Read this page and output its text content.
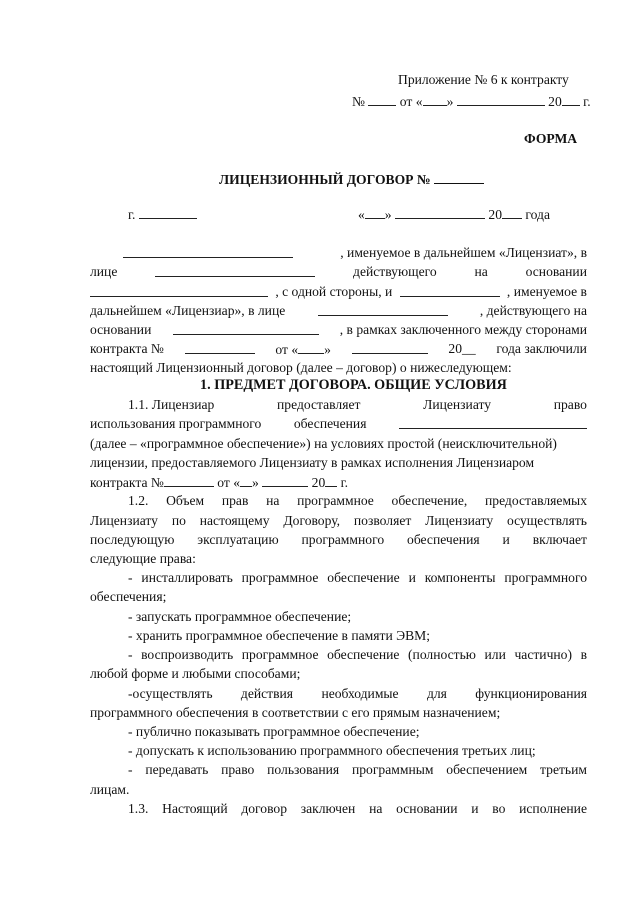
Приложение № 6 к контракту
№	от « »	20 г.
ФОРМА
ЛИЦЕНЗИОННЫЙ ДОГОВОР №
г.	« »	20 года
, именуемое в дальнейшем «Лицензиат», в
лице	действующего	на	основании
, с одной стороны, и	, именуемое в
дальнейшем «Лицензиар», в лице	, действующего на
основании	, в рамках заключенного между сторонами
контракта №	от « »	20__ года заключили
настоящий Лицензионный договор (далее – договор) о нижеследующем:
1. ПРЕДМЕТ ДОГОВОРА. ОБЩИЕ УСЛОВИЯ
1.1. Лицензиар	предоставляет	Лицензиату	право
использования программного обеспечения
(далее – «программное обеспечение») на условиях простой (неисключительной)
лицензии, предоставляемого Лицензиату в рамках исполнения Лицензиаром
контракта №	от « »	20 г.
1.2. Объем прав на программное обеспечение, предоставляемых
Лицензиату по настоящему Договору, позволяет Лицензиату осуществлять
последующую эксплуатацию программного обеспечения и включает
следующие права:
- инсталлировать программное обеспечение и компоненты программного
обеспечения;
- запускать программное обеспечение;
- хранить программное обеспечение в памяти ЭВМ;
- воспроизводить программное обеспечение (полностью или частично) в
любой форме и любыми способами;
-осуществлять действия необходимые для функционирования
программного обеспечения в соответствии с его прямым назначением;
- публично показывать программное обеспечение;
- допускать к использованию программного обеспечения третьих лиц;
- передавать право пользования программным обеспечением третьим
лицам.
1.3. Настоящий договор заключен на основании и во исполнение
